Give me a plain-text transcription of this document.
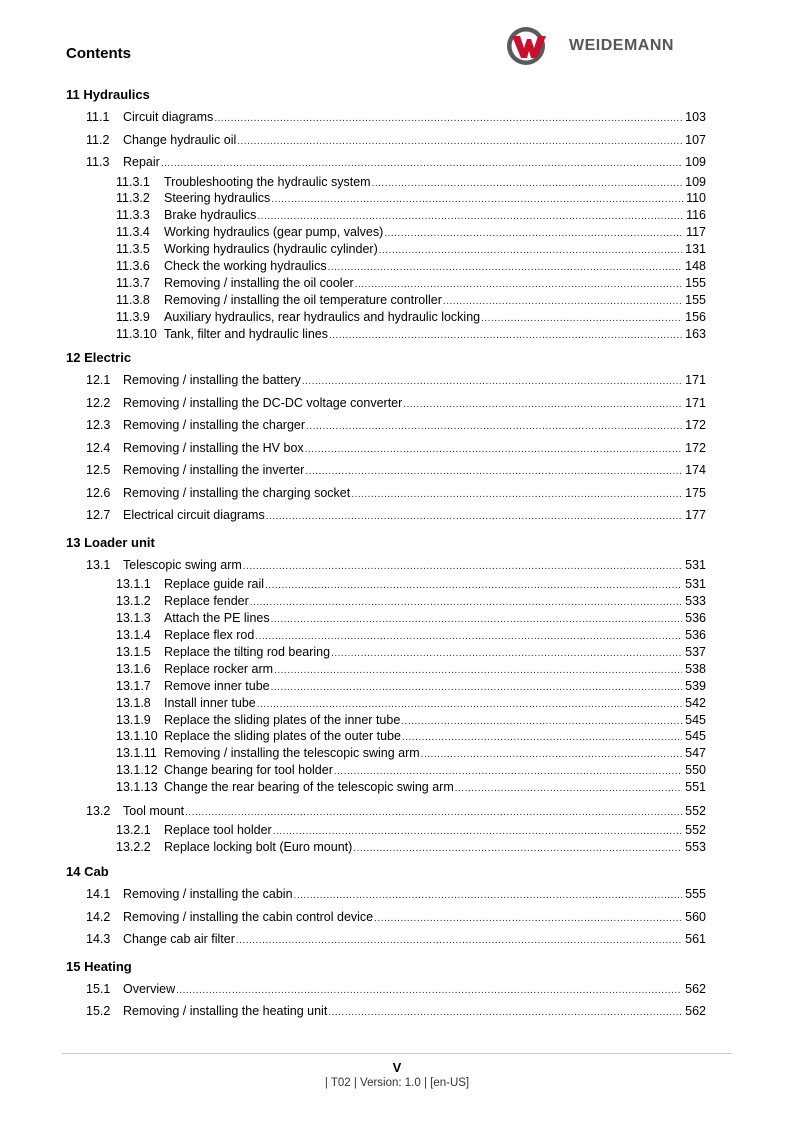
Contents	WEIDEMANN
11 Hydraulics
11.1	Circuit diagrams .....	103
11.2	Change hydraulic oil .....	107
11.3	Repair .....	109
11.3.1	Troubleshooting the hydraulic system .....	109
11.3.2	Steering hydraulics .....	110
11.3.3	Brake hydraulics .....	116
11.3.4	Working hydraulics (gear pump, valves) .....	117
11.3.5	Working hydraulics (hydraulic cylinder) .....	131
11.3.6	Check the working hydraulics .....	148
11.3.7	Removing / installing the oil cooler .....	155
11.3.8	Removing / installing the oil temperature controller .....	155
11.3.9	Auxiliary hydraulics, rear hydraulics and hydraulic locking .....	156
11.3.10 Tank, filter and hydraulic lines .....	163
12 Electric
12.1	Removing / installing the battery .....	171
12.2	Removing / installing the DC-DC voltage converter .....	171
12.3	Removing / installing the charger .....	172
12.4	Removing / installing the HV box .....	172
12.5	Removing / installing the inverter .....	174
12.6	Removing / installing the charging socket .....	175
12.7	Electrical circuit diagrams .....	177
13 Loader unit
13.1	Telescopic swing arm .....	531
13.1.1	Replace guide rail .....	531
13.1.2	Replace fender .....	533
13.1.3	Attach the PE lines .....	536
13.1.4	Replace flex rod .....	536
13.1.5	Replace the tilting rod bearing .....	537
13.1.6	Replace rocker arm .....	538
13.1.7	Remove inner tube .....	539
13.1.8	Install inner tube .....	542
13.1.9	Replace the sliding plates of the inner tube .....	545
13.1.10 Replace the sliding plates of the outer tube .....	545
13.1.11 Removing / installing the telescopic swing arm .....	547
13.1.12 Change bearing for tool holder .....	550
13.1.13 Change the rear bearing of the telescopic swing arm .....	551
13.2	Tool mount .....	552
13.2.1	Replace tool holder .....	552
13.2.2	Replace locking bolt (Euro mount) .....	553
14 Cab
14.1	Removing / installing the cabin .....	555
14.2	Removing / installing the cabin control device .....	560
14.3	Change cab air filter .....	561
15 Heating
15.1	Overview .....	562
15.2	Removing / installing the heating unit .....	562
V
| T02 | Version: 1.0 | [en-US]
